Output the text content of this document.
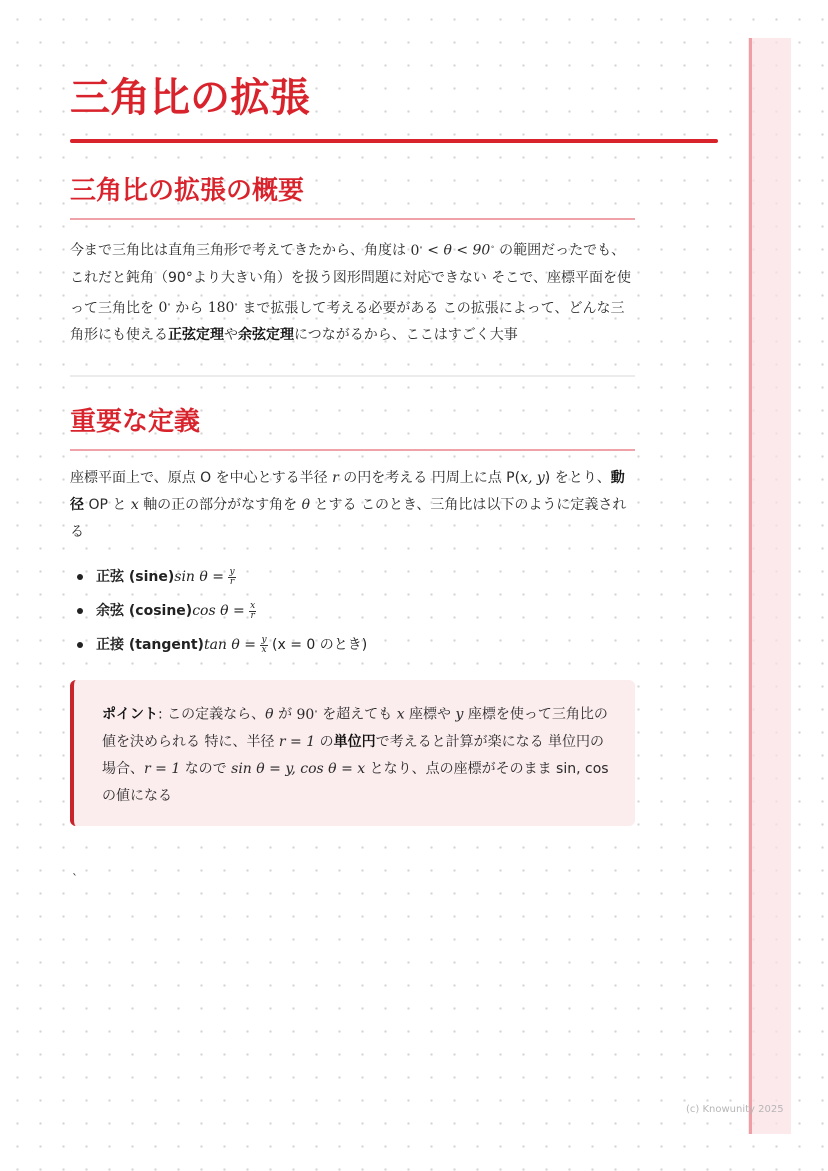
三角比の拡張
三角比の拡張の概要

今まで三角比は直角三角形で考えてきたから、角度は 0∘ < θ < 90∘ の範囲だったでも、これだと鈍角（90°より大きい角）を扱う図形問題に対応できない そこで、座標平面を使って三角比を 0∘ から 180∘ まで拡張して考える必要がある この拡張によって、どんな三角形にも使える正弦定理や余弦定理につながるから、ここはすごく大事

重要な定義

座標平面上で、原点 O を中心とする半径 r の円を考える 円周上に点 P(x, y) をとり、動径 OP と x 軸の正の部分がなす角を θ とする このとき、三角比は以下のように定義される

正弦 (sine)sin $\theta = \frac{y}{r}$
余弦 (cosine)cos $\theta = \frac{x}{r}$
正接 (tangent)tan $\theta = \frac{y}{x} (x = 0$ のとき)
ポイント: この定義なら、θ が 90∘ を超えても x 座標や y 座標を使って三角比の値を決められる 特に、半径 r = 1 の単位円で考えると計算が楽になる 単位円の場合、r = 1 なので sin θ = y, cos θ = x となり、点の座標がそのまま sin, cos の値になる
`
(c) Knowunity 2025
